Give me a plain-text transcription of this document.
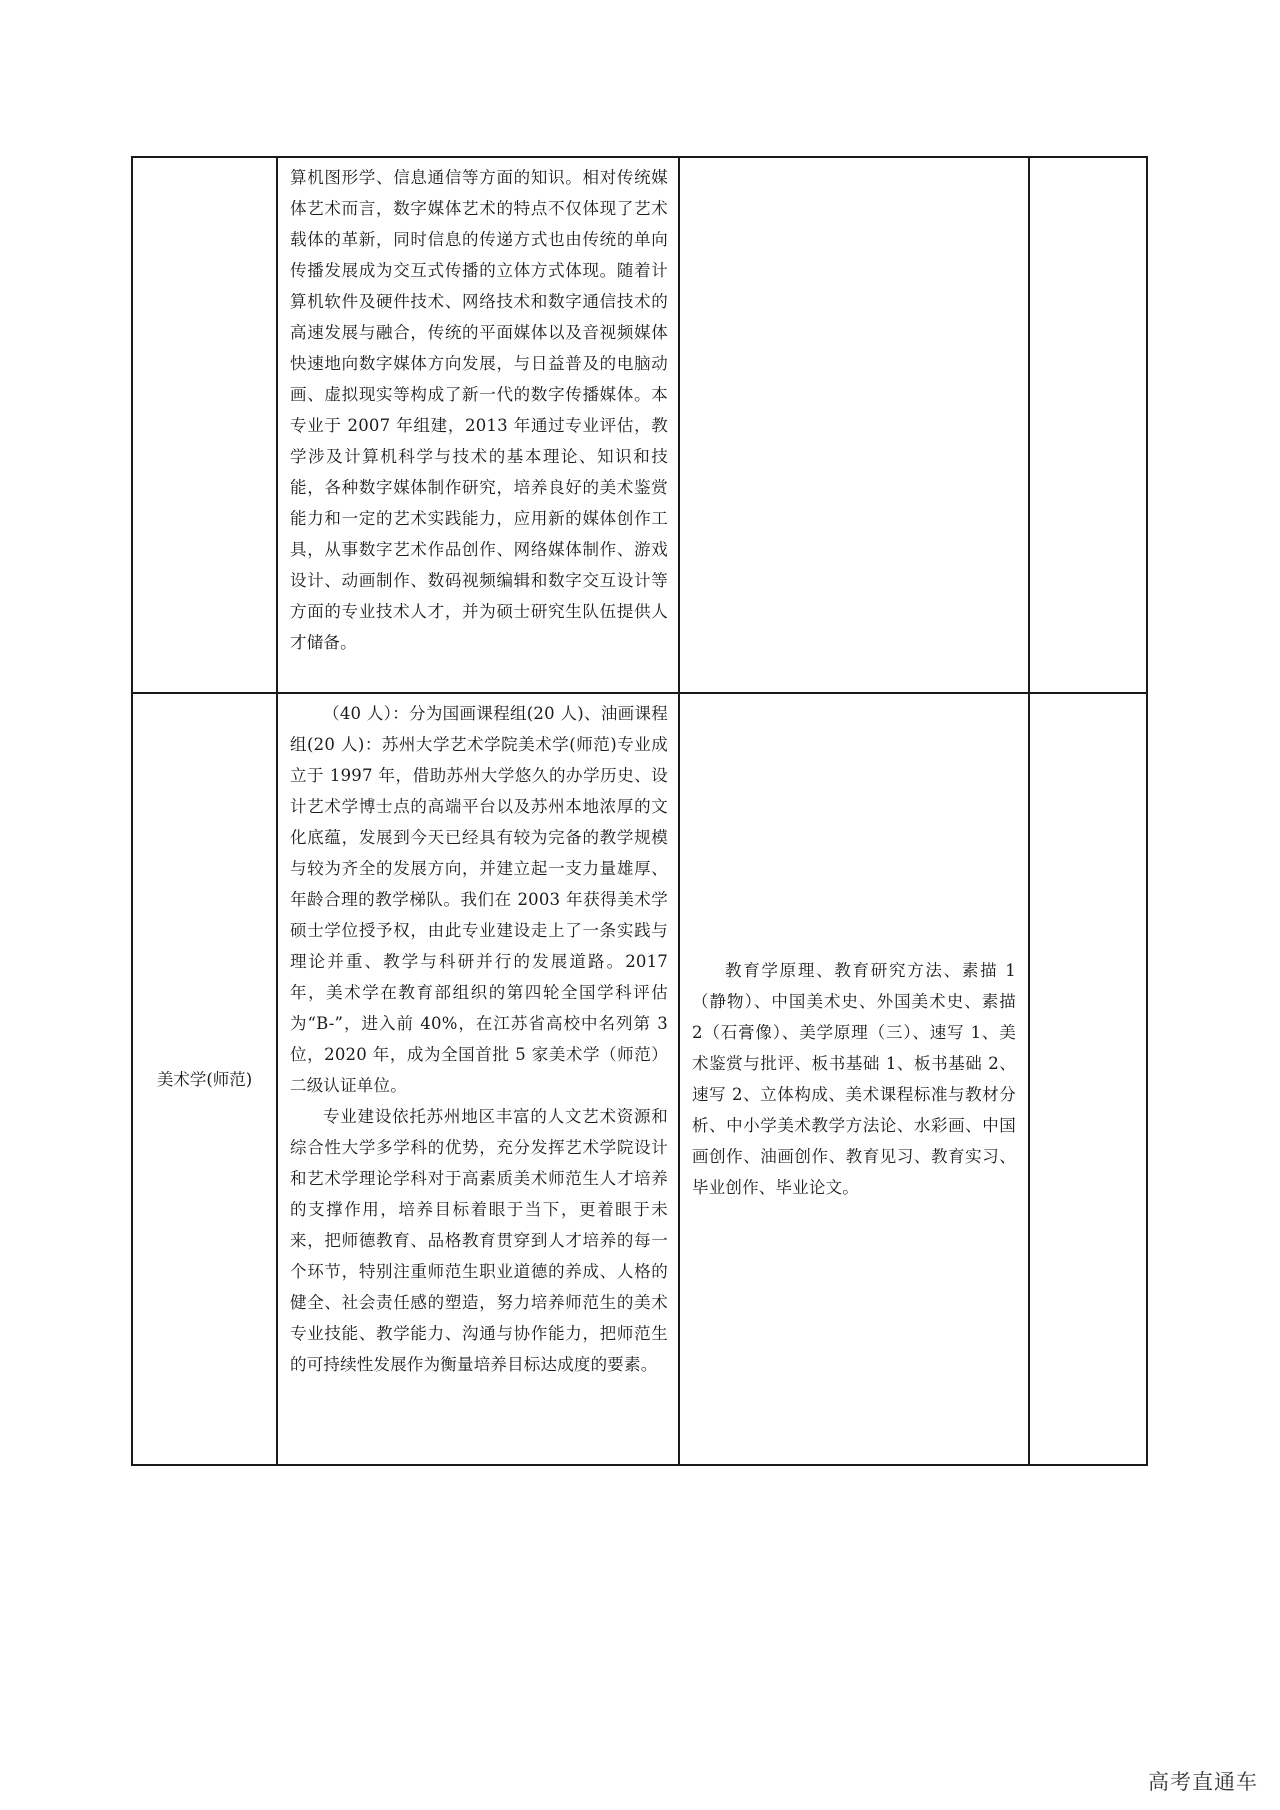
	算机图形学、信息通信等方面的知识。相对传统媒体艺术而言，数字媒体艺术的特点不仅体现了艺术载体的革新，同时信息的传递方式也由传统的单向传播发展成为交互式传播的立体方式体现。随着计算机软件及硬件技术、网络技术和数字通信技术的高速发展与融合，传统的平面媒体以及音视频媒体快速地向数字媒体方向发展，与日益普及的电脑动画、虚拟现实等构成了新一代的数字传播媒体。本专业于 2007 年组建，2013 年通过专业评估，教学涉及计算机科学与技术的基本理论、知识和技能，各种数字媒体制作研究，培养良好的美术鉴赏能力和一定的艺术实践能力，应用新的媒体创作工具，从事数字艺术作品创作、网络媒体制作、游戏设计、动画制作、数码视频编辑和数字交互设计等方面的专业技术人才，并为硕士研究生队伍提供人才储备。		

美术学(师范)	（40 人）：分为国画课程组(20 人)、油画课程组(20 人)：苏州大学艺术学院美术学(师范)专业成立于 1997 年，借助苏州大学悠久的办学历史、设计艺术学博士点的高端平台以及苏州本地浓厚的文化底蕴，发展到今天已经具有较为完备的教学规模与较为齐全的发展方向，并建立起一支力量雄厚、年龄合理的教学梯队。我们在 2003 年获得美术学硕士学位授予权，由此专业建设走上了一条实践与理论并重、教学与科研并行的发展道路。2017 年，美术学在教育部组织的第四轮全国学科评估为“B-”，进入前 40%，在江苏省高校中名列第 3 位，2020 年，成为全国首批 5 家美术学（师范）二级认证单位。

专业建设依托苏州地区丰富的人文艺术资源和综合性大学多学科的优势，充分发挥艺术学院设计和艺术学理论学科对于高素质美术师范生人才培养的支撑作用，培养目标着眼于当下，更着眼于未来，把师德教育、品格教育贯穿到人才培养的每一个环节，特别注重师范生职业道德的养成、人格的健全、社会责任感的塑造，努力培养师范生的美术专业技能、教学能力、沟通与协作能力，把师范生的可持续性发展作为衡量培养目标达成度的要素。	教育学原理、教育研究方法、素描 1（静物）、中国美术史、外国美术史、素描 2（石膏像）、美学原理（三）、速写 1、美术鉴赏与批评、板书基础 1、板书基础 2、速写 2、立体构成、美术课程标准与教材分析、中小学美术教学方法论、水彩画、中国画创作、油画创作、教育见习、教育实习、毕业创作、毕业论文。	

高考直通车
